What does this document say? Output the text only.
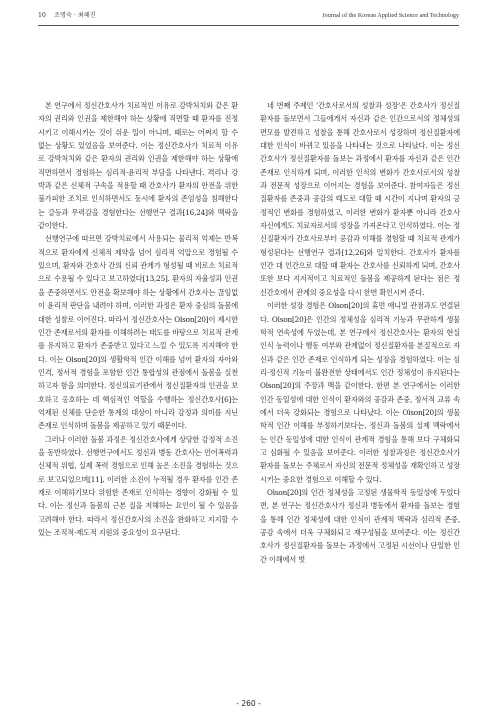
10 조명숙 · 최혜진	Journal of the Korean Applied Science and Technology

본 연구에서 정신간호사가 치료적인 이유로 강박처치와 같은 환자의 권리와 인권을 제한해야 하는 상황에 직면할 때 환자를 진정시키고 이해시키는 것이 쉬운 일이 아니며, 때로는 어쩌지 할 수 없는 상황도 있었음을 보여준다. 이는 정신간호사가 치료적 이유로 강박처치와 같은 환자의 권리와 인권을 제한해야 하는 상황에 직면하면서 경험하는 심리적·윤리적 부담을 나타낸다. 격리나 강박과 같은 신체적 구속을 적용할 때 간호사가 환자의 안전을 위한 불가피한 조치로 인식하면서도 동시에 환자의 존엄성을 침해한다는 갈등과 무력감을 경험한다는 선행연구 결과[16,24]와 맥락을 같이한다.

선행연구에 따르면 강박치료에서 사용되는 물리적 억제는 반복적으로 환자에게 신체적 제약을 넘어 심리적 억압으로 경험될 수 있으며, 환자와 간호사 간의 신뢰 관계가 형성될 때 비로소 치료적으로 수용될 수 있다고 보고하였다[13,25]. 환자의 자율성과 인권을 존중하면서도 안전을 확보해야 하는 상황에서 간호사는 끊임없이 윤리적 판단을 내려야 하며, 이러한 과정은 환자 중심의 돌봄에 대한 성찰로 이어진다. 따라서 정신간호사는 Olson[20]이 제시한 인간 존재로서의 환자를 이해하려는 태도를 바탕으로 치료적 관계를 유지하고 환자가 존중받고 있다고 느낄 수 있도록 지지해야 한다. 이는 Olson[20]의 생활학적 인간 이해를 넘어 환자의 자아와 인격, 정서적 경험을 포함한 인간 통합성의 관점에서 돌봄을 실천하고자 함을 의미한다. 정신의료기관에서 정신질환자의 인권을 보호하고 옹호하는 데 핵심적인 역할을 수행하는 정신간호사[6]는 억제된 신체를 단순한 통제의 대상이 아니라 감정과 의미를 지닌 존재로 인식하며 돌봄을 제공하고 있기 때문이다.

그러나 이러한 돌봄 과정은 정신간호사에게 상당한 감정적 소진을 동반하였다. 선행연구에서도 정신과 병동 간호사는 언어폭력과 신체적 위협, 실제 폭력 경험으로 인해 높은 소진을 경험하는 것으로 보고되었으며[11], 이러한 소진이 누적될 경우 환자를 인간 존재로 이해하기보다 위험한 존재로 인식하는 경향이 강화될 수 있다. 이는 정신과 돌봄의 근본 질을 저해하는 요인이 될 수 있음을 고려해야 한다. 따라서 정신간호사의 소진을 완화하고 지지할 수 있는 조직적·제도적 지원의 중요성이 요구된다.

네 번째 주제인 '간호사로서의 성찰과 성장'은 간호사가 정신질환자를 돌보면서 그들에게서 자신과 같은 인간으로서의 정체성의 면모를 발견하고 성찰을 통해 간호사로서 성장하며 정신질환자에 대한 인식이 바뀌고 있음을 나타내는 것으로 나타났다. 이는 정신간호사가 정신질환자를 돌보는 과정에서 환자를 자신과 같은 인간 존재로 인식하게 되며, 이러한 인식의 변화가 간호사로서의 성찰과 전문적 성장으로 이어지는 경험을 보여준다. 참여자들은 정신질환자를 존중과 공감의 태도로 대할 때 시간이 지나며 환자의 긍정적인 변화를 경험하였고, 이러한 변화가 환자뿐 아니라 간호사 자신에게도 치료자로서의 성장을 가져온다고 인식하였다. 이는 정신질환자가 간호사로부터 공감과 이해를 경험할 때 치료적 관계가 형성된다는 선행연구 결과[12,26]와 일치한다. 간호사가 환자를 인간 대 인간으로 대할 때 환자는 간호사를 신뢰하게 되며, 간호사 또한 보다 지지적이고 치료적인 돌봄을 제공하게 된다는 점은 정신간호에서 관계의 중요성을 다시 한번 확인시켜 준다.

이러한 성장 경험은 Olson[20]의 휴먼 애니멀 관점과도 연결된다. Olson[20]은 인간의 정체성을 심리적 기능과 무관하게 생물학적 연속성에 두었는데, 본 연구에서 정신간호사는 환자의 현실 인식 능력이나 행동 여부와 관계없이 정신질환자를 본질적으로 자신과 같은 인간 존재로 인식하게 되는 성장을 경험하였다. 이는 심리·정신적 기능이 불완전한 상태에서도 인간 정체성이 유지된다는 Olson[20]의 주장과 맥을 같이한다. 한편 본 연구에서는 이러한 인간 동일성에 대한 인식이 환자와의 공감과 존중, 정서적 교류 속에서 더욱 강화되는 경험으로 나타났다. 이는 Olson[20]의 생물학적 인간 이해를 부정하기보다는, 정신과 돌봄의 실제 맥락에서는 인간 동일성에 대한 인식이 관계적 경험을 통해 보다 구체화되고 심화될 수 있음을 보여준다. 이러한 성찰과정은 정신간호사가 환자를 돌보는 주체로서 자신의 전문적 정체성을 재확인하고 성장시키는 중요한 경험으로 이해할 수 있다.

Olson[20]의 인간 정체성을 고정된 생물학적 동일성에 두었다면, 본 연구는 정신간호사가 정신과 병동에서 환자를 돌보는 경험을 통해 인간 정체성에 대한 인식이 관계적 맥락과 심리적 존중, 공감 속에서 더욱 구체화되고 재구성됨을 보여준다. 이는 정신간호사가 정신질환자를 돌보는 과정에서 고정된 시선이나 단일한 인간 이해에서 벗

- 260 -
